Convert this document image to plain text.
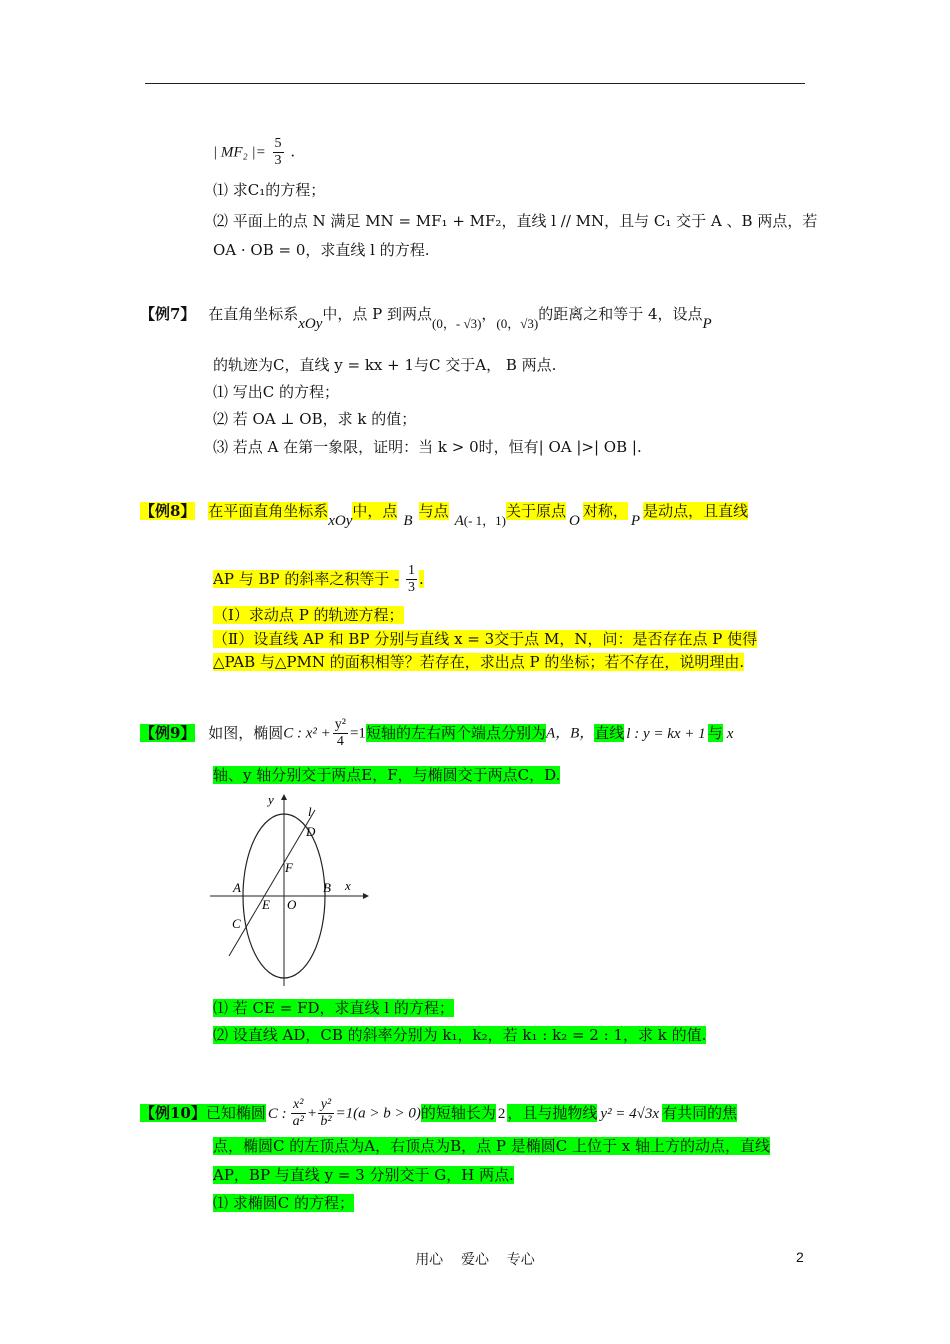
| MF₂ |= $\frac{5}{3}$ .
⑴ 求C₁的方程；
⑵ 平面上的点 N 满足 MN = MF₁ + MF₂，直线 l // MN，且与 C₁ 交于 A 、B 两点，若
OA · OB = 0，求直线 l 的方程.
【例7】 在直角坐标系xOy中，点 P 到两点(0，- √3)，(0，√3)的距离之和等于 4，设点P
的轨迹为C，直线 y = kx + 1与C 交于A， B 两点.
⑴ 写出C 的方程；
⑵ 若 OA ⊥ OB，求 k 的值；
⑶ 若点 A 在第一象限，证明：当 k > 0时，恒有| OA |>| OB |.
【例8】 在平面直角坐标系xOy中，点B与点A(- 1，1)关于原点O对称，P是动点，且直线
AP 与 BP 的斜率之积等于 - $\frac{1}{3}$ .
（Ⅰ）求动点 P 的轨迹方程；
（Ⅱ）设直线 AP 和 BP 分别与直线 x = 3交于点 M，N，问：是否存在点 P 使得
△PAB 与△PMN 的面积相等？若存在，求出点 P 的坐标；若不存在，说明理由.
【例9】 如图，椭圆C : $x^2 + \frac{\text{y²}}{4} =1$短轴的左右两个端点分别为A，B，直线 l : y = kx + 1 与 x
轴、y 轴分别交于两点E，F，与椭圆交于两点C，D.
y
x
l
D
F
A	B
E O
C
⑴ 若 CE = FD，求直线 l 的方程；
⑵ 设直线 AD，CB 的斜率分别为 k₁，k₂，若 k₁ : k₂ = 2 : 1，求 k 的值.
【例10】已知椭圆 C : $\frac{\text{x²}}{\text{a²}} + \frac{\text{y²}}{\text{b²}} =1(a > b > 0)$的短轴长为 2 ，且与抛物线 y² = 4√3x 有共同的焦
点，椭圆C 的左顶点为A，右顶点为B，点 P 是椭圆C 上位于 x 轴上方的动点，直线
AP，BP 与直线 y = 3 分别交于 G，H 两点.
⑴ 求椭圆C 的方程；
用心    爱心    专心	2
